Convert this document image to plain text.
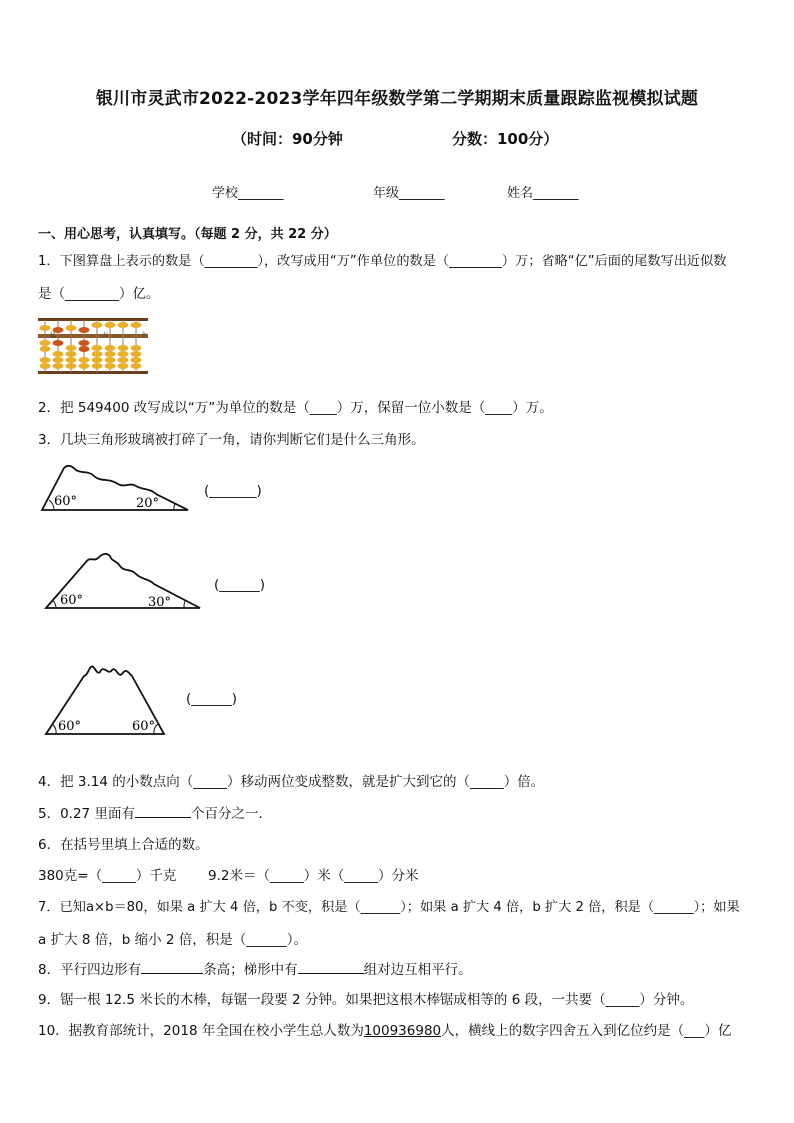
银川市灵武市2022-2023学年四年级数学第二学期期末质量跟踪监视模拟试题
（时间：90分钟	分数：100分）
学校_______	年级_______	姓名_______
一、用心思考，认真填写。（每题 2 分，共 22 分）
1．下图算盘上表示的数是（________），改写成用“万”作单位的数是（________）万；省略“亿”后面的尾数写出近似数
是（________）亿。
亿	万	个
2．把 549400 改写成以“万”为单位的数是（____）万，保留一位小数是（____）万。
3．几块三角形玻璃被打碎了一角，请你判断它们是什么三角形。
60°	20°
(_______)
60°	30°
(______)
60°	60°
(______)
4．把 3.14 的小数点向（_____）移动两位变成整数，就是扩大到它的（_____）倍。
5．0.27 里面有	个百分之一.
6．在括号里填上合适的数。
380克=（_____）千克 9.2米＝（_____）米（_____）分米
7．已知a×b＝80，如果 a 扩大 4 倍，b 不变，积是（______）；如果 a 扩大 4 倍，b 扩大 2 倍，积是（______）；如果
a 扩大 8 倍，b 缩小 2 倍，积是（______）。
8．平行四边形有	条高；梯形中有	组对边互相平行。
9．锯一根 12.5 米长的木棒，每锯一段要 2 分钟。如果把这根木棒锯成相等的 6 段，一共要（_____）分钟。
10．据教育部统计，2018 年全国在校小学生总人数为100936980人，横线上的数字四舍五入到亿位约是（___）亿
